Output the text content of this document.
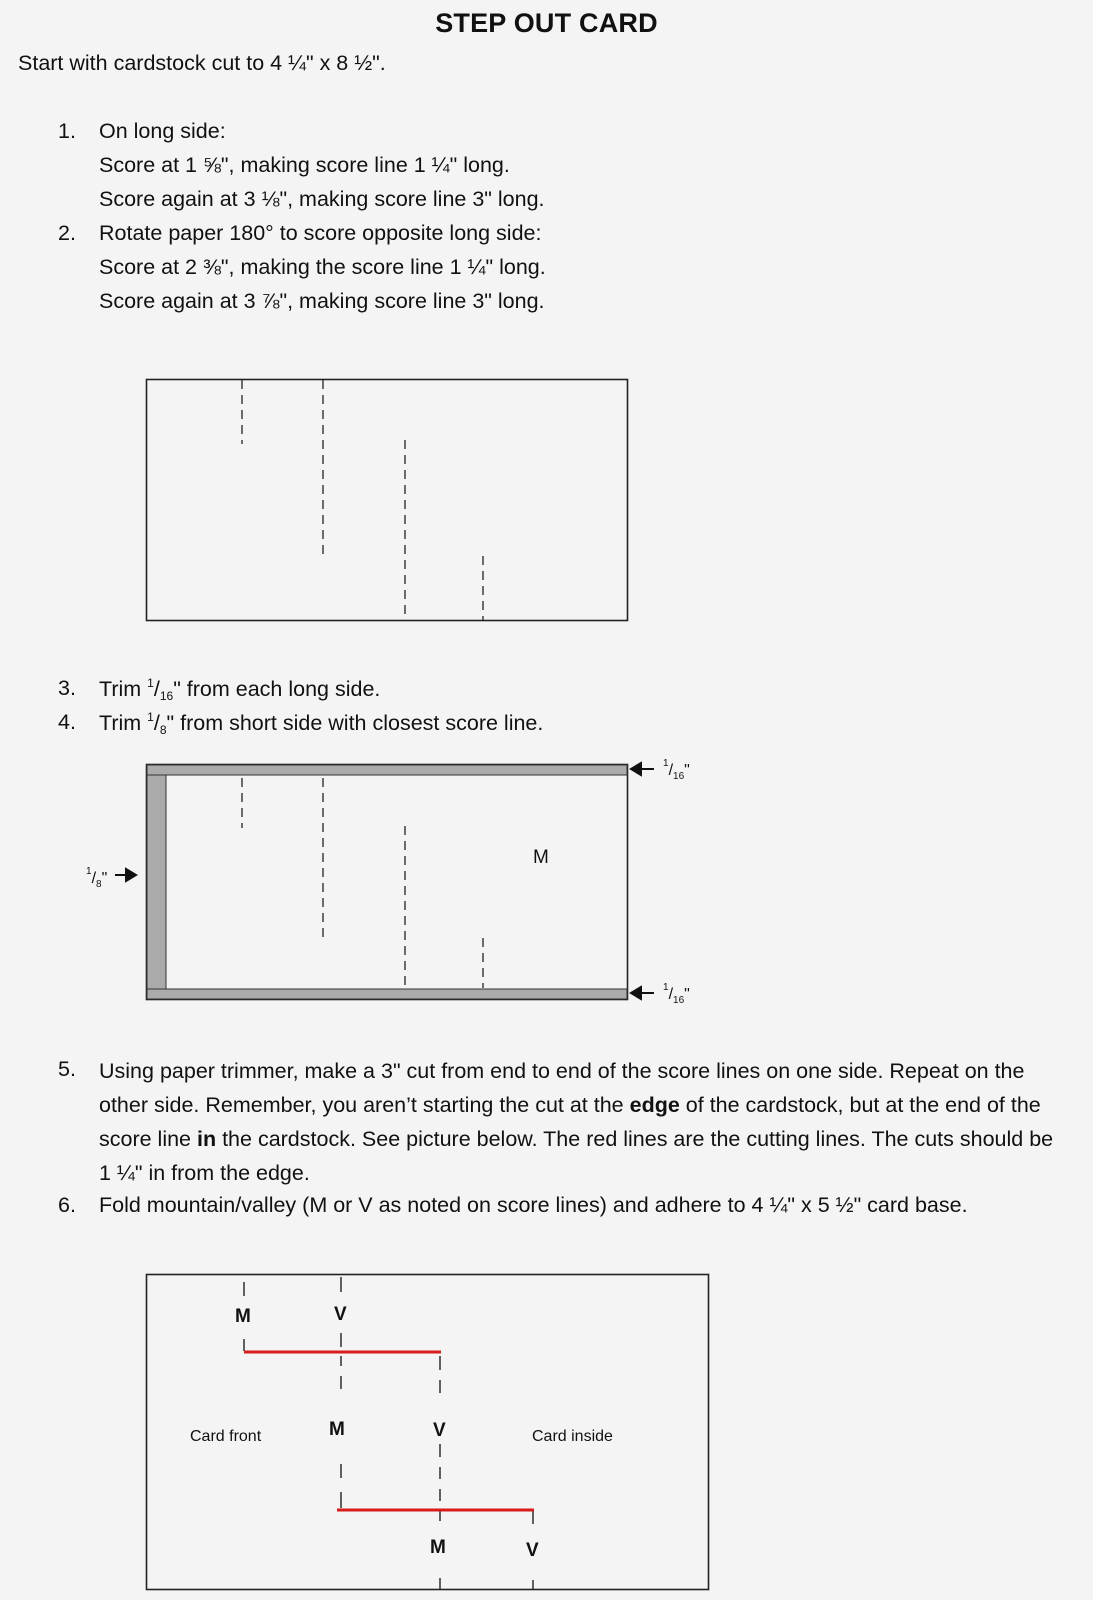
STEP OUT CARD
Start with cardstock cut to 4 ¼" x 8 ½".
1. On long side:
Score at 1 ⅝", making score line 1 ¼" long.
Score again at 3 ⅛", making score line 3" long.
2. Rotate paper 180° to score opposite long side:
Score at 2 ⅜", making the score line 1 ¼" long.
Score again at 3 ⅞", making score line 3" long.
3. Trim $^1/_{16}$" from each long side.
4. Trim $^1/_8$" from short side with closest score line.
M
$^1/_{16}$"
$^1/_{16}$"
$^1/_8$"
5. Using paper trimmer, make a 3" cut from end to end of the score lines on one side. Repeat on the other side. Remember, you aren’t starting the cut at the edge of the cardstock, but at the end of the score line in the cardstock. See picture below. The red lines are the cutting lines. The cuts should be 1 ¼" in from the edge.
6. Fold mountain/valley (M or V as noted on score lines) and adhere to 4 ¼" x 5 ½" card base.
M	V
M	V
M	V
Card front	Card inside
